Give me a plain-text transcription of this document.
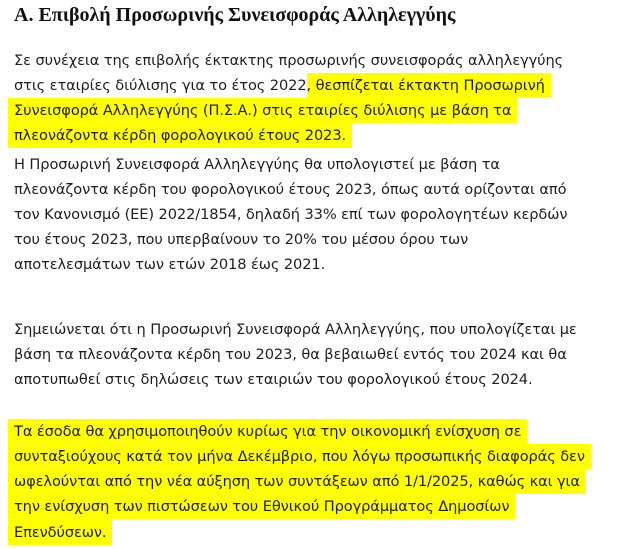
Α. Επιβολή Προσωρινής Συνεισφοράς Αλληλεγγύης
Σε συνέχεια της επιβολής έκτακτης προσωρινής συνεισφοράς αλληλεγγύης
στις εταιρίες διύλισης για το έτος 2022, θεσπίζεται έκτακτη Προσωρινή
Συνεισφορά Αλληλεγγύης (Π.Σ.Α.) στις εταιρίες διύλισης με βάση τα
πλεονάζοντα κέρδη φορολογικού έτους 2023.
Η Προσωρινή Συνεισφορά Αλληλεγγύης θα υπολογιστεί με βάση τα
πλεονάζοντα κέρδη του φορολογικού έτους 2023, όπως αυτά ορίζονται από
τον Κανονισμό (ΕΕ) 2022/1854, δηλαδή 33% επί των φορολογητέων κερδών
του έτους 2023, που υπερβαίνουν το 20% του μέσου όρου των
αποτελεσμάτων των ετών 2018 έως 2021.
Σημειώνεται ότι η Προσωρινή Συνεισφορά Αλληλεγγύης, που υπολογίζεται με
βάση τα πλεονάζοντα κέρδη του 2023, θα βεβαιωθεί εντός του 2024 και θα
αποτυπωθεί στις δηλώσεις των εταιριών του φορολογικού έτους 2024.
Τα έσοδα θα χρησιμοποιηθούν κυρίως για την οικονομική ενίσχυση σε
συνταξιούχους κατά τον μήνα Δεκέμβριο, που λόγω προσωπικής διαφοράς δεν
ωφελούνται από την νέα αύξηση των συντάξεων από 1/1/2025, καθώς και για
την ενίσχυση των πιστώσεων του Εθνικού Προγράμματος Δημοσίων
Επενδύσεων.
